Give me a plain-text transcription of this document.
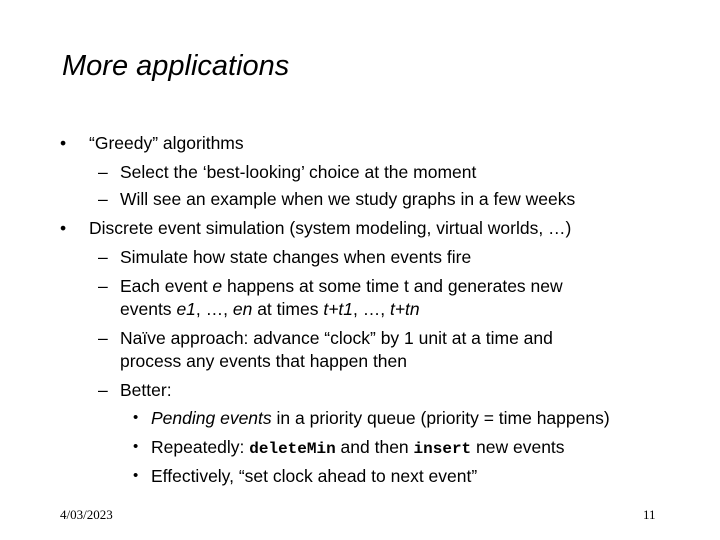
More applications
• “Greedy” algorithms
– Select the ‘best-looking’ choice at the moment
– Will see an example when we study graphs in a few weeks
• Discrete event simulation (system modeling, virtual worlds, …)
– Simulate how state changes when events fire
– Each event e happens at some time t and generates new
events e1, …, en at times t+t1, …, t+tn
– Naïve approach: advance “clock” by 1 unit at a time and
process any events that happen then
– Better:
• Pending events in a priority queue (priority = time happens)
• Repeatedly: deleteMin and then insert new events
• Effectively, “set clock ahead to next event”
4/03/2023	11
